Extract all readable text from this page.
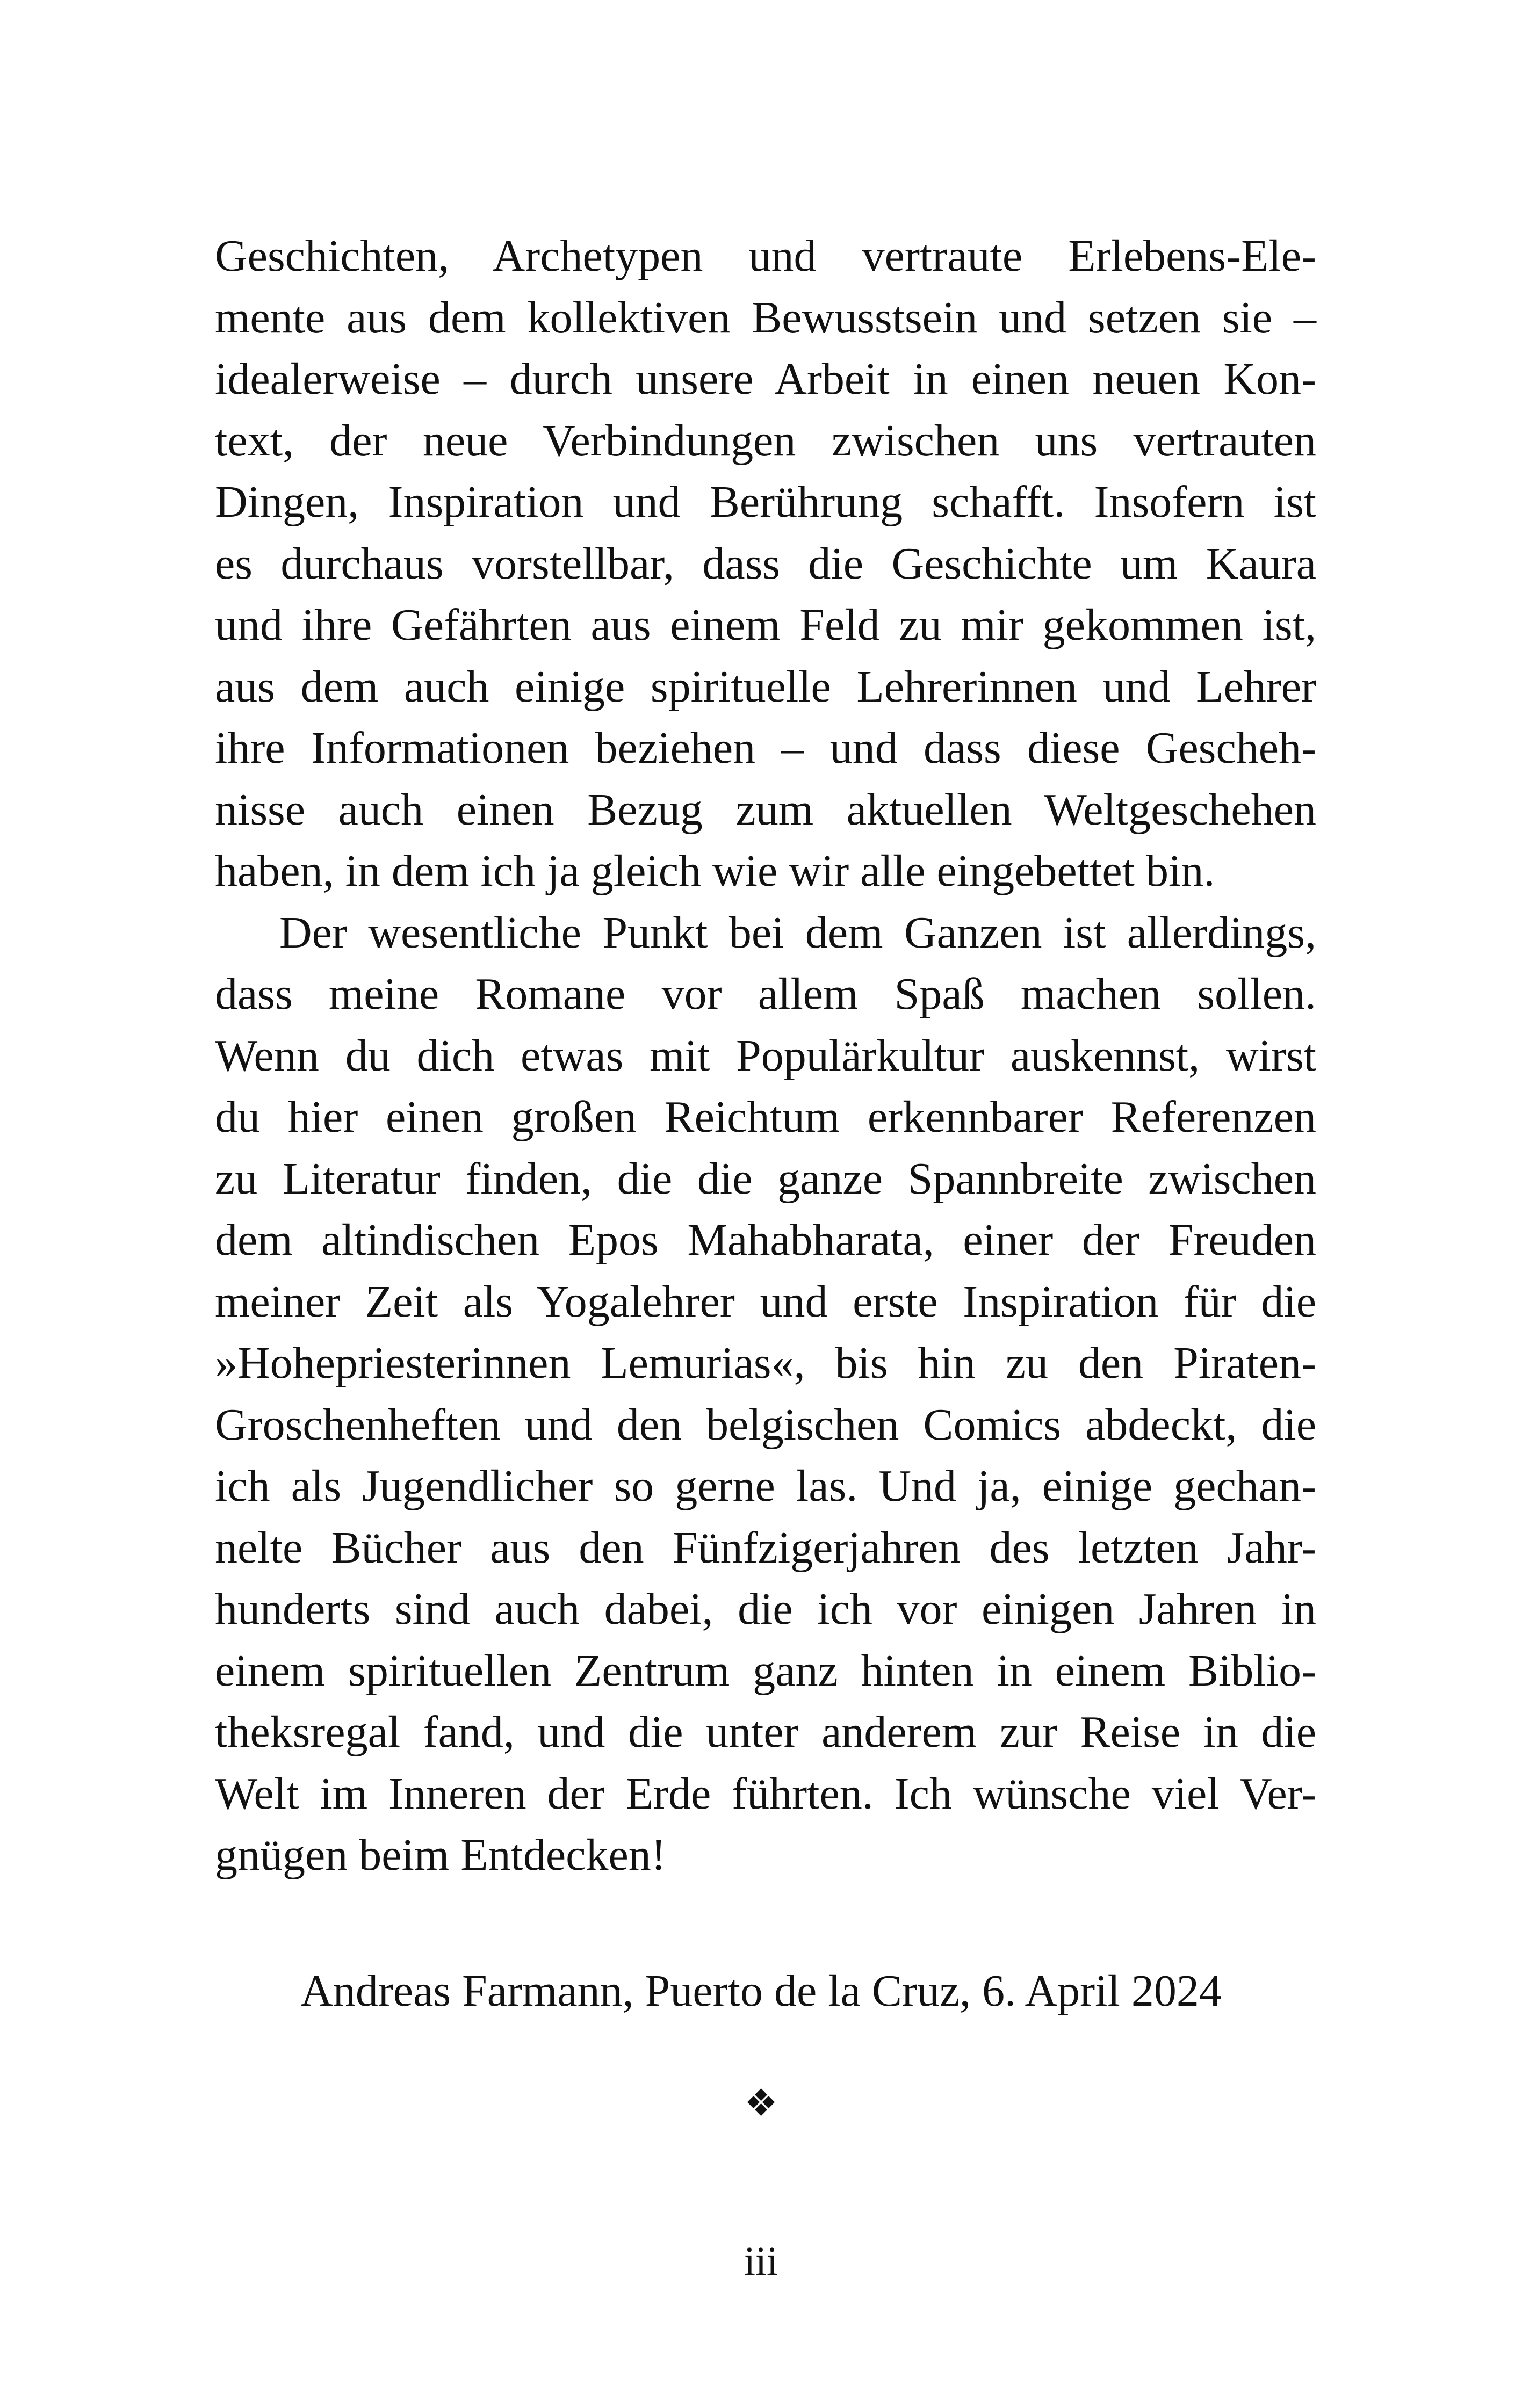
Geschichten, Archetypen und vertraute Erlebens-Ele-
mente aus dem kollektiven Bewusstsein und setzen sie –
idealerweise – durch unsere Arbeit in einen neuen Kon-
text, der neue Verbindungen zwischen uns vertrauten
Dingen, Inspiration und Berührung schafft. Insofern ist
es durchaus vorstellbar, dass die Geschichte um Kaura
und ihre Gefährten aus einem Feld zu mir gekommen ist,
aus dem auch einige spirituelle Lehrerinnen und Lehrer
ihre Informationen beziehen – und dass diese Gescheh-
nisse auch einen Bezug zum aktuellen Weltgeschehen
haben, in dem ich ja gleich wie wir alle eingebettet bin.
Der wesentliche Punkt bei dem Ganzen ist allerdings,
dass meine Romane vor allem Spaß machen sollen.
Wenn du dich etwas mit Populärkultur auskennst, wirst
du hier einen großen Reichtum erkennbarer Referenzen
zu Literatur finden, die die ganze Spannbreite zwischen
dem altindischen Epos Mahabharata, einer der Freuden
meiner Zeit als Yogalehrer und erste Inspiration für die
»Hohepriesterinnen Lemurias«, bis hin zu den Piraten-
Groschenheften und den belgischen Comics abdeckt, die
ich als Jugendlicher so gerne las. Und ja, einige gechan-
nelte Bücher aus den Fünfzigerjahren des letzten Jahr-
hunderts sind auch dabei, die ich vor einigen Jahren in
einem spirituellen Zentrum ganz hinten in einem Biblio-
theksregal fand, und die unter anderem zur Reise in die
Welt im Inneren der Erde führten. Ich wünsche viel Ver-
gnügen beim Entdecken!
Andreas Farmann, Puerto de la Cruz, 6. April 2024
❖
iii
